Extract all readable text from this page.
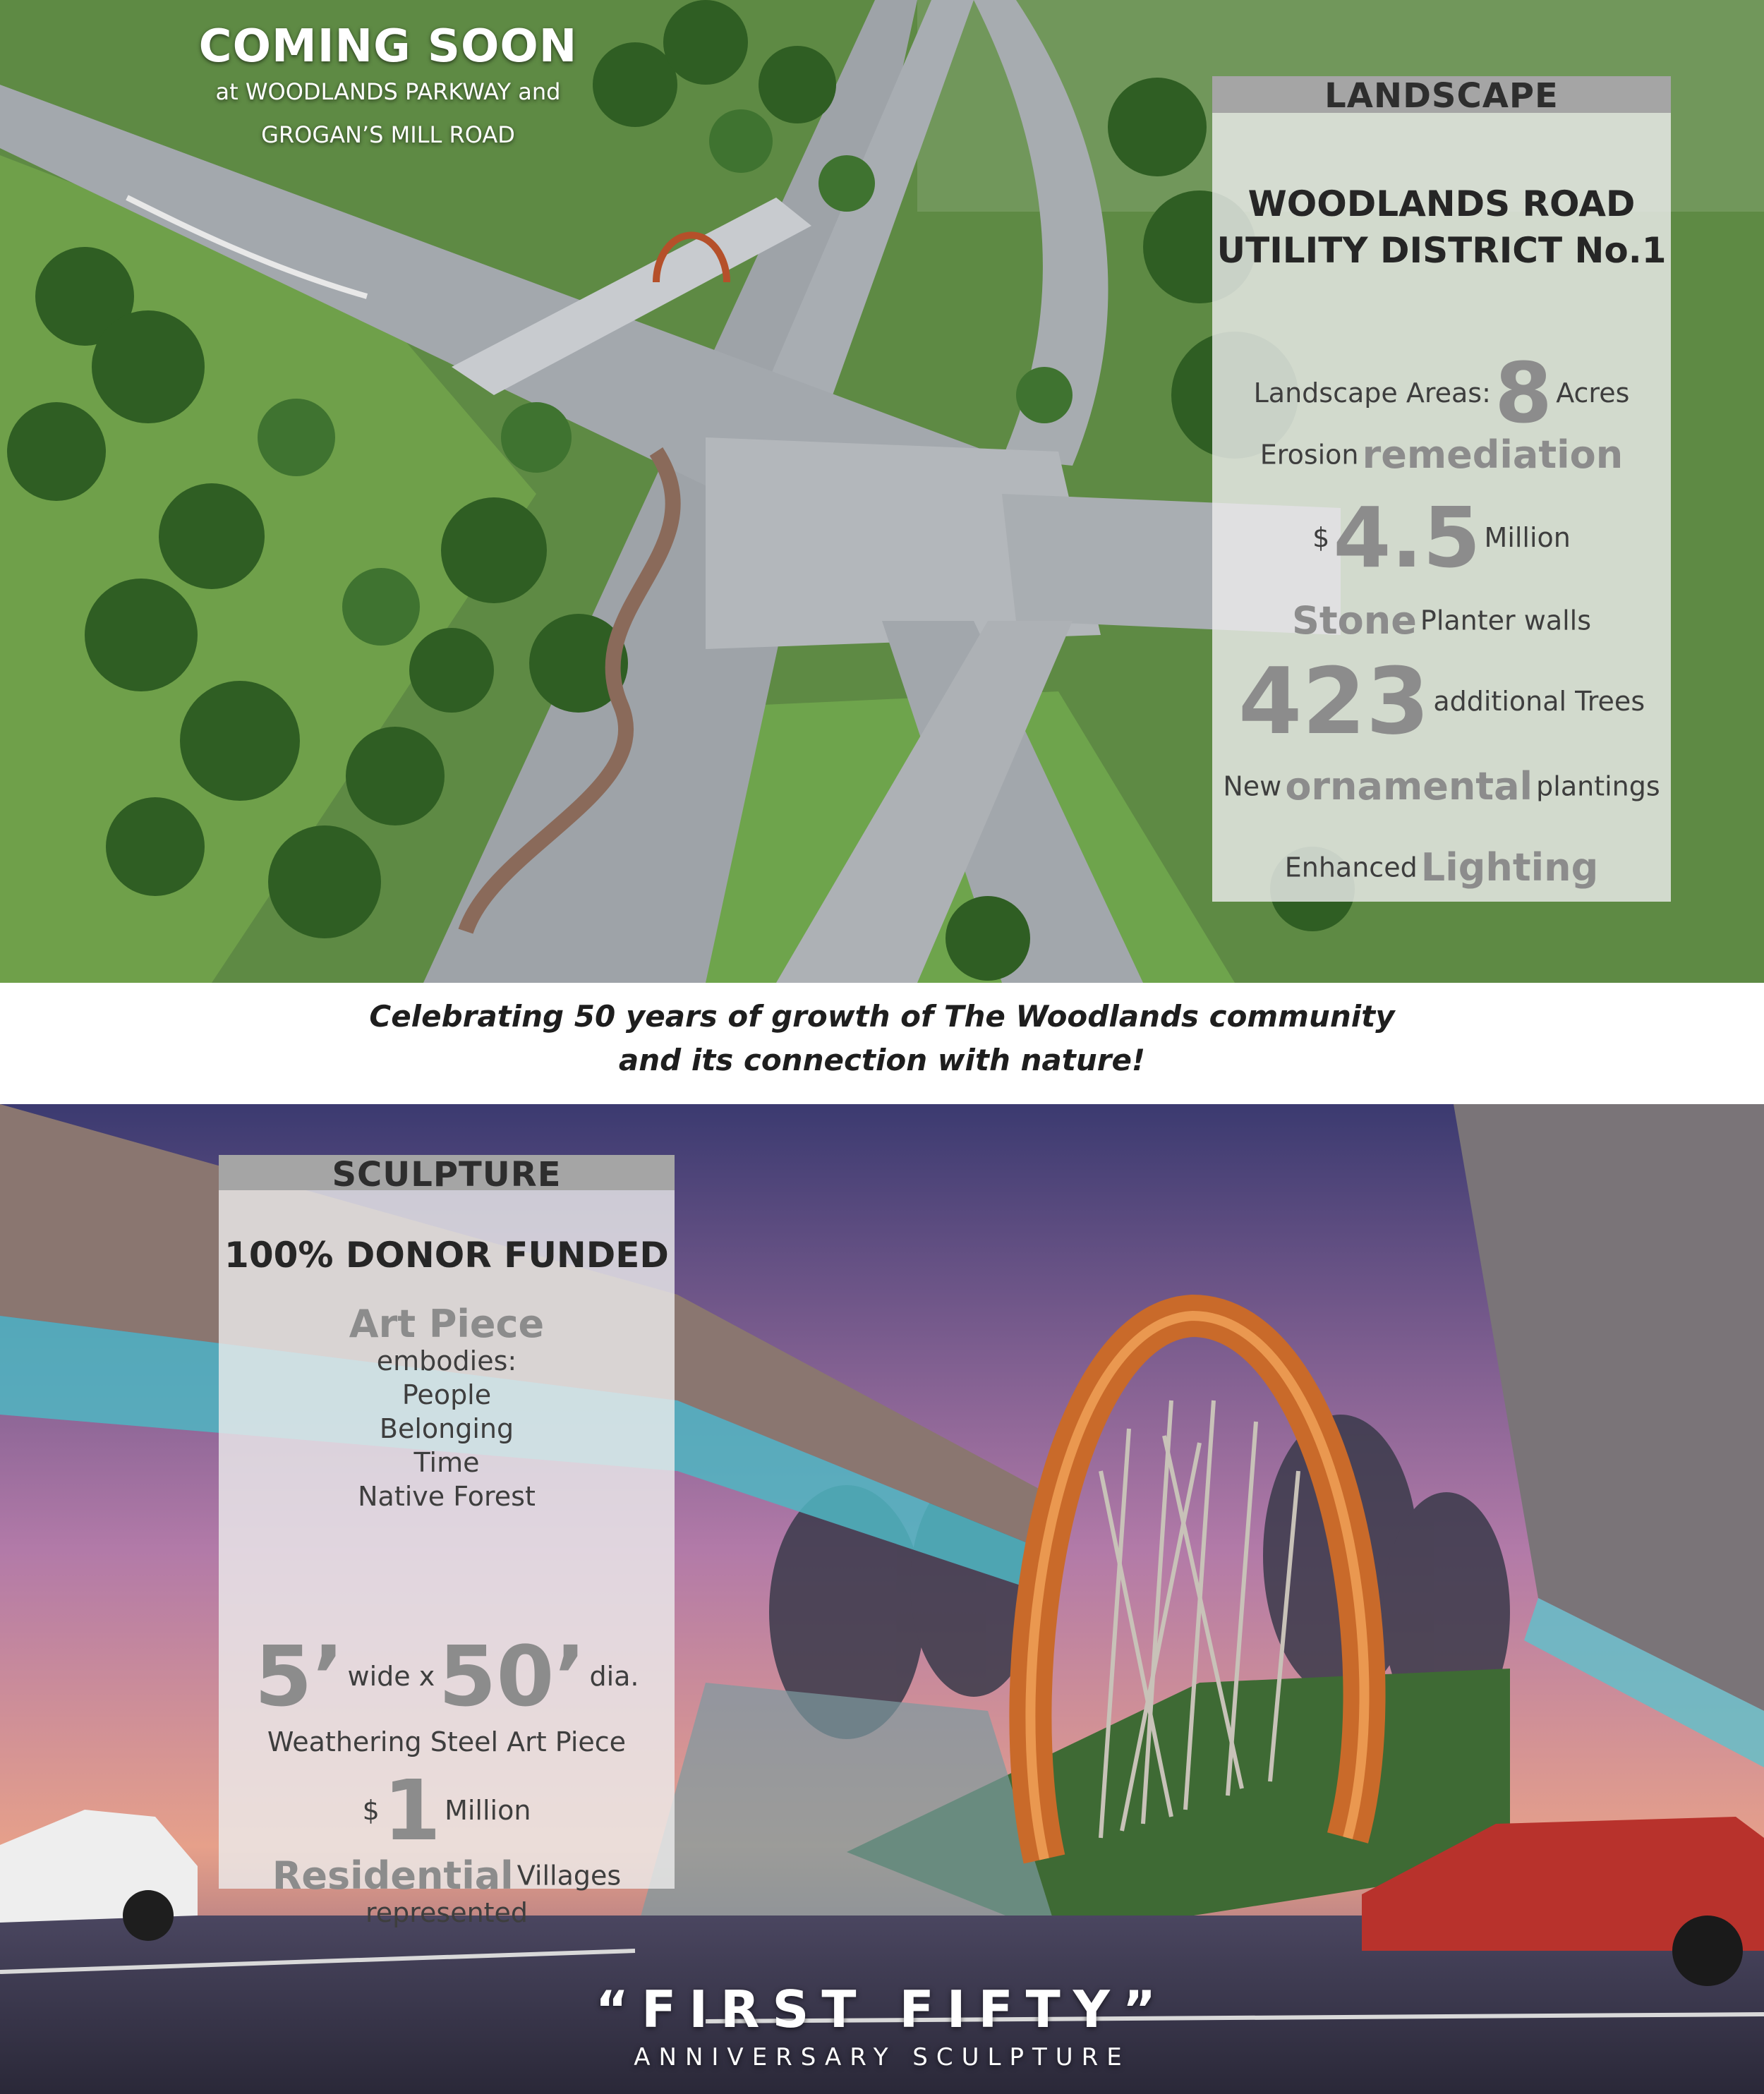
COMING SOON
at WOODLANDS PARKWAY and
GROGAN’S MILL ROAD
LANDSCAPE
WOODLANDS ROAD
UTILITY DISTRICT No.1
Landscape Areas: 8 Acres
Erosion remediation
$ 4.5 Million
Stone Planter walls
423 additional Trees
New ornamental plantings
Enhanced Lighting
Celebrating 50 years of growth of The Woodlands community
and its connection with nature!
SCULPTURE
100% DONOR FUNDED
Art Piece
embodies:
People
Belonging
Time
Native Forest
5’ wide x 50’ dia.
Weathering Steel Art Piece
$ 1 Million
Residential Villages
represented
“FIRST FIFTY”
ANNIVERSARY SCULPTURE
